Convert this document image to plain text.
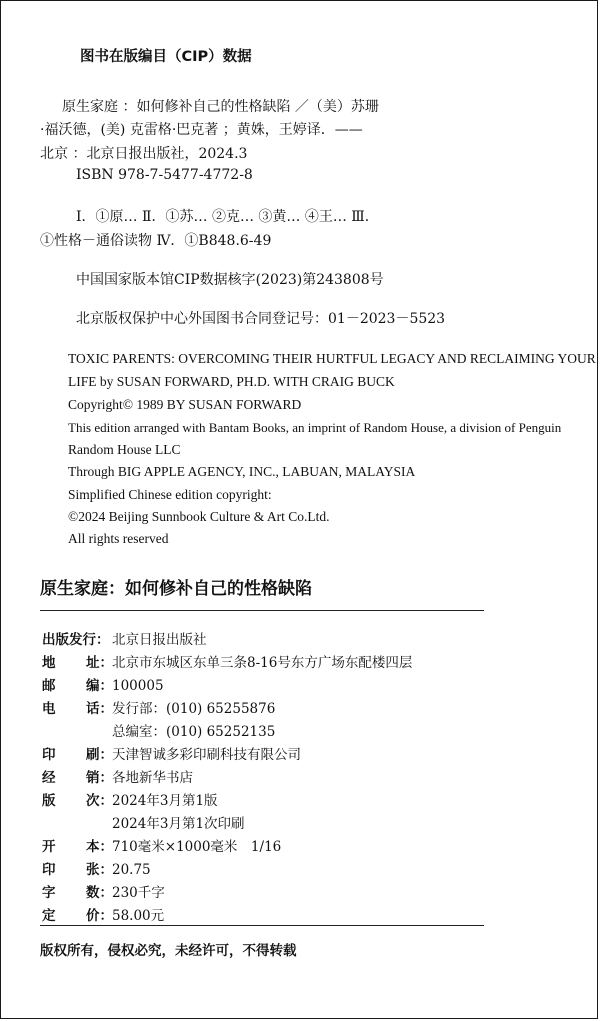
图书在版编目（CIP）数据
原生家庭 ：如何修补自己的性格缺陷 ／（美）苏珊
·福沃德，(美) 克雷格·巴克著 ；黄姝，王婷译．——
北京 ：北京日报出版社，2024.3
ISBN 978-7-5477-4772-8
Ⅰ．①原… Ⅱ．①苏… ②克… ③黄… ④王… Ⅲ．
①性格－通俗读物 Ⅳ．①B848.6-49
中国国家版本馆CIP数据核字(2023)第243808号
北京版权保护中心外国图书合同登记号：01－2023－5523
TOXIC PARENTS: OVERCOMING THEIR HURTFUL LEGACY AND RECLAIMING YOUR
LIFE by SUSAN FORWARD, PH.D. WITH CRAIG BUCK
Copyright© 1989 BY SUSAN FORWARD
This edition arranged with Bantam Books, an imprint of Random House, a division of Penguin
Random House LLC
Through BIG APPLE AGENCY, INC., LABUAN, MALAYSIA
Simplified Chinese edition copyright:
©2024 Beijing Sunnbook Culture & Art Co.Ltd.
All rights reserved
原生家庭：如何修补自己的性格缺陷
出版发行： 北京日报出版社
地 址：北京市东城区东单三条8-16号东方广场东配楼四层
邮 编：100005
电 话：发行部：(010) 65255876
总编室：(010) 65252135
印 刷：天津智诚多彩印刷科技有限公司
经 销：各地新华书店
版 次：2024年3月第1版
2024年3月第1次印刷
开 本：710毫米×1000毫米　1/16
印 张：20.75
字 数：230千字
定 价：58.00元
版权所有，侵权必究，未经许可，不得转载
